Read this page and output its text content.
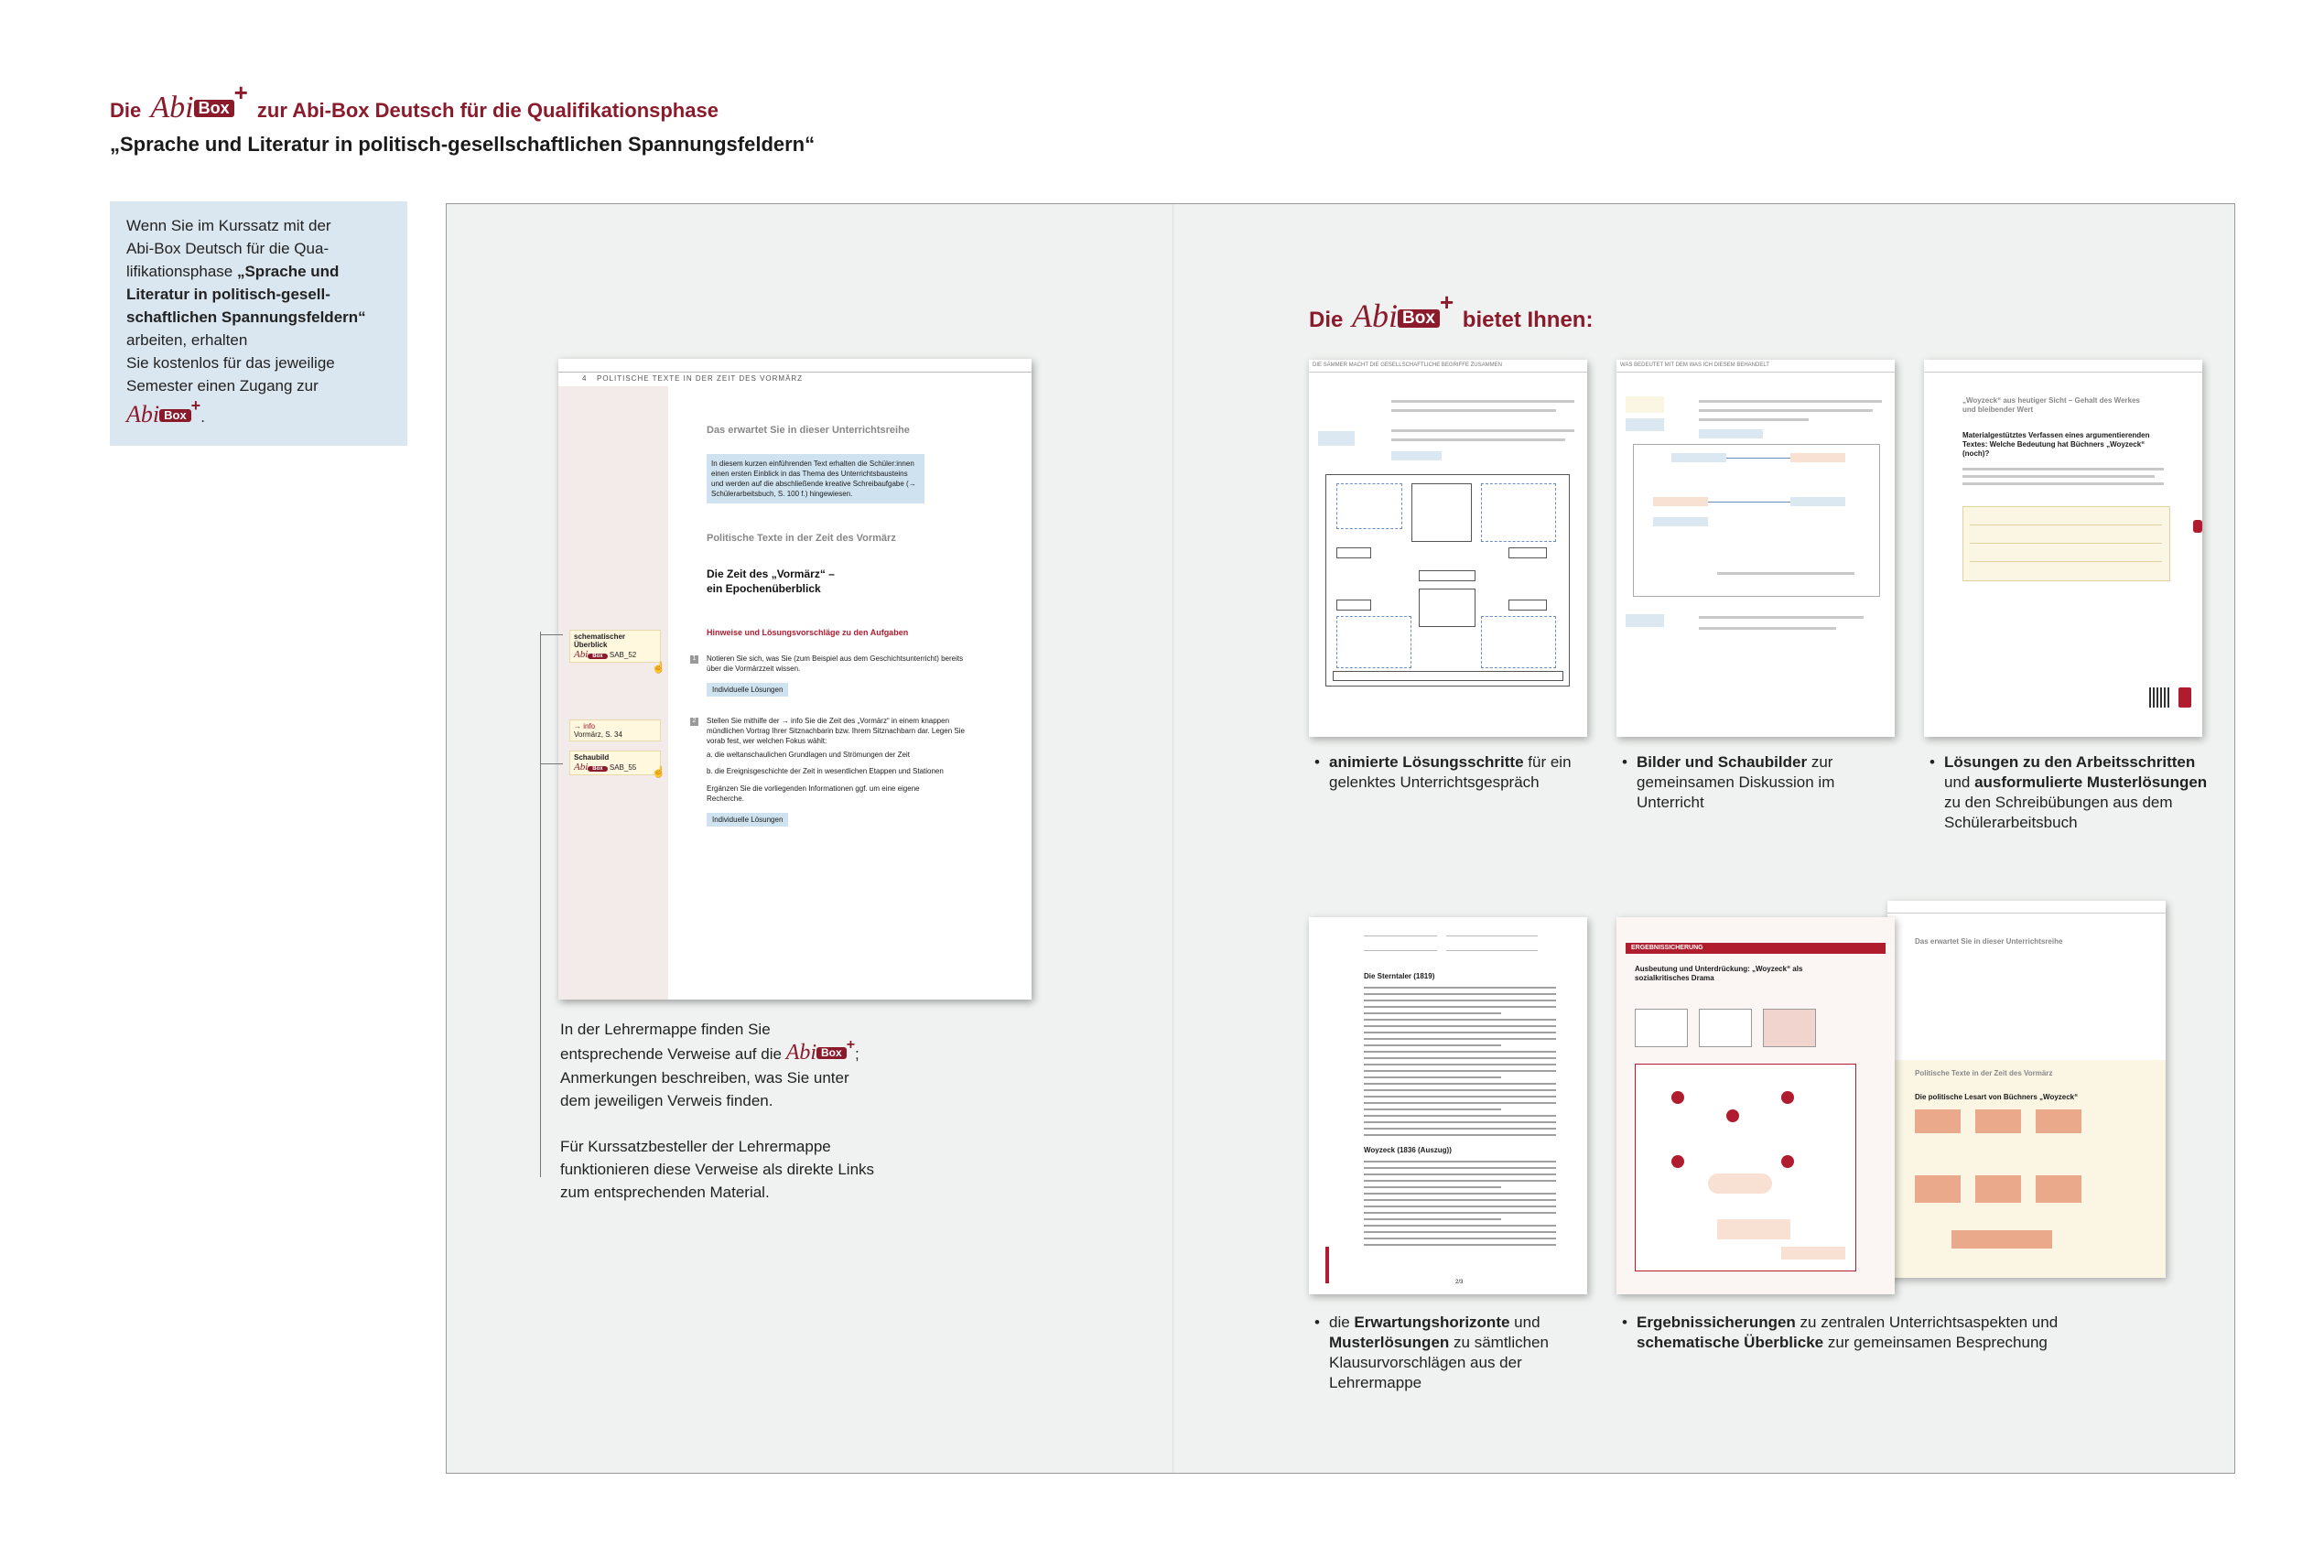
Die Abi Box+ zur Abi-Box Deutsch für die Qualifikationsphase
„Sprache und Literatur in politisch-gesellschaftlichen Spannungsfeldern“
Wenn Sie im Kurssatz mit der
Abi-Box Deutsch für die Qua-
lifikationsphase „Sprache und
Literatur in politisch-gesell-
schaftlichen Spannungsfeldern“
arbeiten, erhalten
Sie kostenlos für das jeweilige
Semester einen Zugang zur
Abi Box+.
4 POLITISCHE TEXTE IN DER ZEIT DES VORMÄRZ
Das erwartet Sie in dieser Unterrichtsreihe
In diesem kurzen einführenden Text erhalten die Schüler:innen einen ersten Einblick in das Thema des Unterrichtsbausteins und werden auf die abschließende kreative Schreibaufgabe (→ Schülerarbeitsbuch, S. 100 f.) hingewiesen.
Politische Texte in der Zeit des Vormärz
Die Zeit des „Vormärz“ –
ein Epochenüberblick
Hinweise und Lösungsvorschläge zu den Aufgaben
1	Notieren Sie sich, was Sie (zum Beispiel aus dem Geschichtsunterricht) bereits über die Vormärzzeit wissen.
Individuelle Lösungen
2	Stellen Sie mithilfe der → info Sie die Zeit des „Vormärz“ in einem knappen mündlichen Vortrag Ihrer Sitznachbarin bzw. Ihrem Sitznachbarn dar. Legen Sie vorab fest, wer welchen Fokus wählt:
a. die weltanschaulichen Grundlagen und Strömungen der Zeit
b. die Ereignisgeschichte der Zeit in wesentlichen Etappen und Stationen
Ergänzen Sie die vorliegenden Informationen ggf. um eine eigene Recherche.
Individuelle Lösungen
schematischer Überblick
Abi Box SAB_52
→ info
Vormärz, S. 34
Schaubild
Abi Box SAB_55
☝
☝
In der Lehrermappe finden Sie
entsprechende Verweise auf die Abi Box +;
Anmerkungen beschreiben, was Sie unter
dem jeweiligen Verweis finden.
Für Kurssatzbesteller der Lehrermappe
funktionieren diese Verweise als direkte Links
zum entsprechenden Material.
Die Abi Box+ bietet Ihnen:
DIE SÄMMER MACHT DIE GESELLSCHAFTLICHE BEGRIFFE ZUSAMMEN
• animierte Lösungsschritte für ein gelenktes Unterrichtsgespräch
WAS BEDEUTET MIT DEM WAS ICH DIESEM BEHANDELT
• Bilder und Schaubilder zur gemeinsamen Diskussion im Unterricht
„Woyzeck“ aus heutiger Sicht – Gehalt des Werkes und bleibender Wert
Materialgestütztes Verfassen eines argumentierenden Textes: Welche Bedeutung hat Büchners „Woyzeck“ (noch)?
• Lösungen zu den Arbeitsschritten und ausformulierte Musterlösungen zu den Schreibübungen aus dem Schülerarbeitsbuch
Die Sterntaler (1819)
Woyzeck (1836 (Auszug))
2/3
• die Erwartungshorizonte und Musterlösungen zu sämtlichen Klausurvorschlägen aus der Lehrermappe
Das erwartet Sie in dieser Unterrichtsreihe
Politische Texte in der Zeit des Vormärz
Die politische Lesart von Büchners „Woyzeck“
ERGEBNISSICHERUNG
Ausbeutung und Unterdrückung: „Woyzeck“ als sozialkritisches Drama
• Ergebnissicherungen zu zentralen Unterrichtsaspekten und schematische Überblicke zur gemeinsamen Besprechung
